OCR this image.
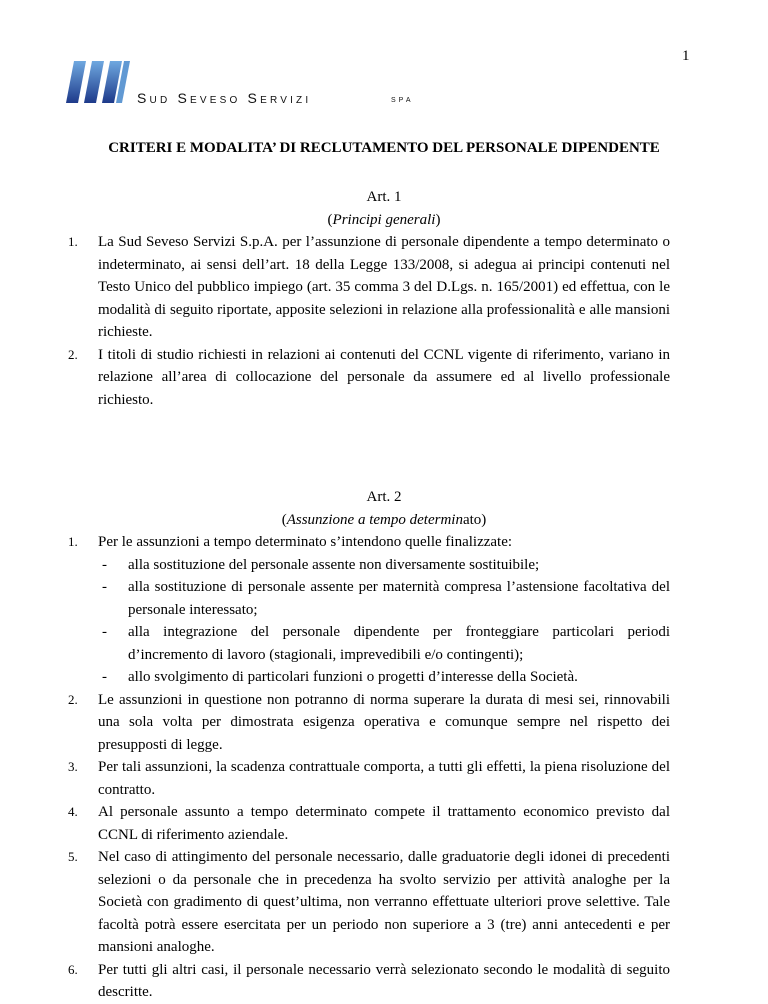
1
Sud Seveso Servizi	spa
CRITERI E MODALITA’ DI RECLUTAMENTO DEL PERSONALE DIPENDENTE
Art. 1
(Principi generali)
1. La Sud Seveso Servizi S.p.A. per l’assunzione di personale dipendente a tempo determinato o indeterminato, ai sensi dell’art. 18 della Legge 133/2008, si adegua ai principi contenuti nel Testo Unico del pubblico impiego (art. 35 comma 3 del D.Lgs. n. 165/2001) ed effettua, con le modalità di seguito riportate, apposite selezioni in relazione alla professionalità e alle mansioni richieste.
2. I titoli di studio richiesti in relazioni ai contenuti del CCNL vigente di riferimento, variano in relazione all’area di collocazione del personale da assumere ed al livello professionale richiesto.
Art. 2
(Assunzione a tempo determinato)
1. Per le assunzioni a tempo determinato s’intendono quelle finalizzate:
- alla sostituzione del personale assente non diversamente sostituibile;
- alla sostituzione di personale assente per maternità compresa l’astensione facoltativa del personale interessato;
- alla integrazione del personale dipendente per fronteggiare particolari periodi d’incremento di lavoro (stagionali, imprevedibili e/o contingenti);
- allo svolgimento di particolari funzioni o progetti d’interesse della Società.
2. Le assunzioni in questione non potranno di norma superare la durata di mesi sei, rinnovabili una sola volta per dimostrata esigenza operativa e comunque sempre nel rispetto dei presupposti di legge.
3. Per tali assunzioni, la scadenza contrattuale comporta, a tutti gli effetti, la piena risoluzione del contratto.
4. Al personale assunto a tempo determinato compete il trattamento economico previsto dal CCNL di riferimento aziendale.
5. Nel caso di attingimento del personale necessario, dalle graduatorie degli idonei di precedenti selezioni o da personale che in precedenza ha svolto servizio per attività analoghe per la Società con gradimento di quest’ultima, non verranno effettuate ulteriori prove selettive. Tale facoltà potrà essere esercitata per un periodo non superiore a 3 (tre) anni antecedenti e per mansioni analoghe.
6. Per tutti gli altri casi, il personale necessario verrà selezionato secondo le modalità di seguito descritte.
